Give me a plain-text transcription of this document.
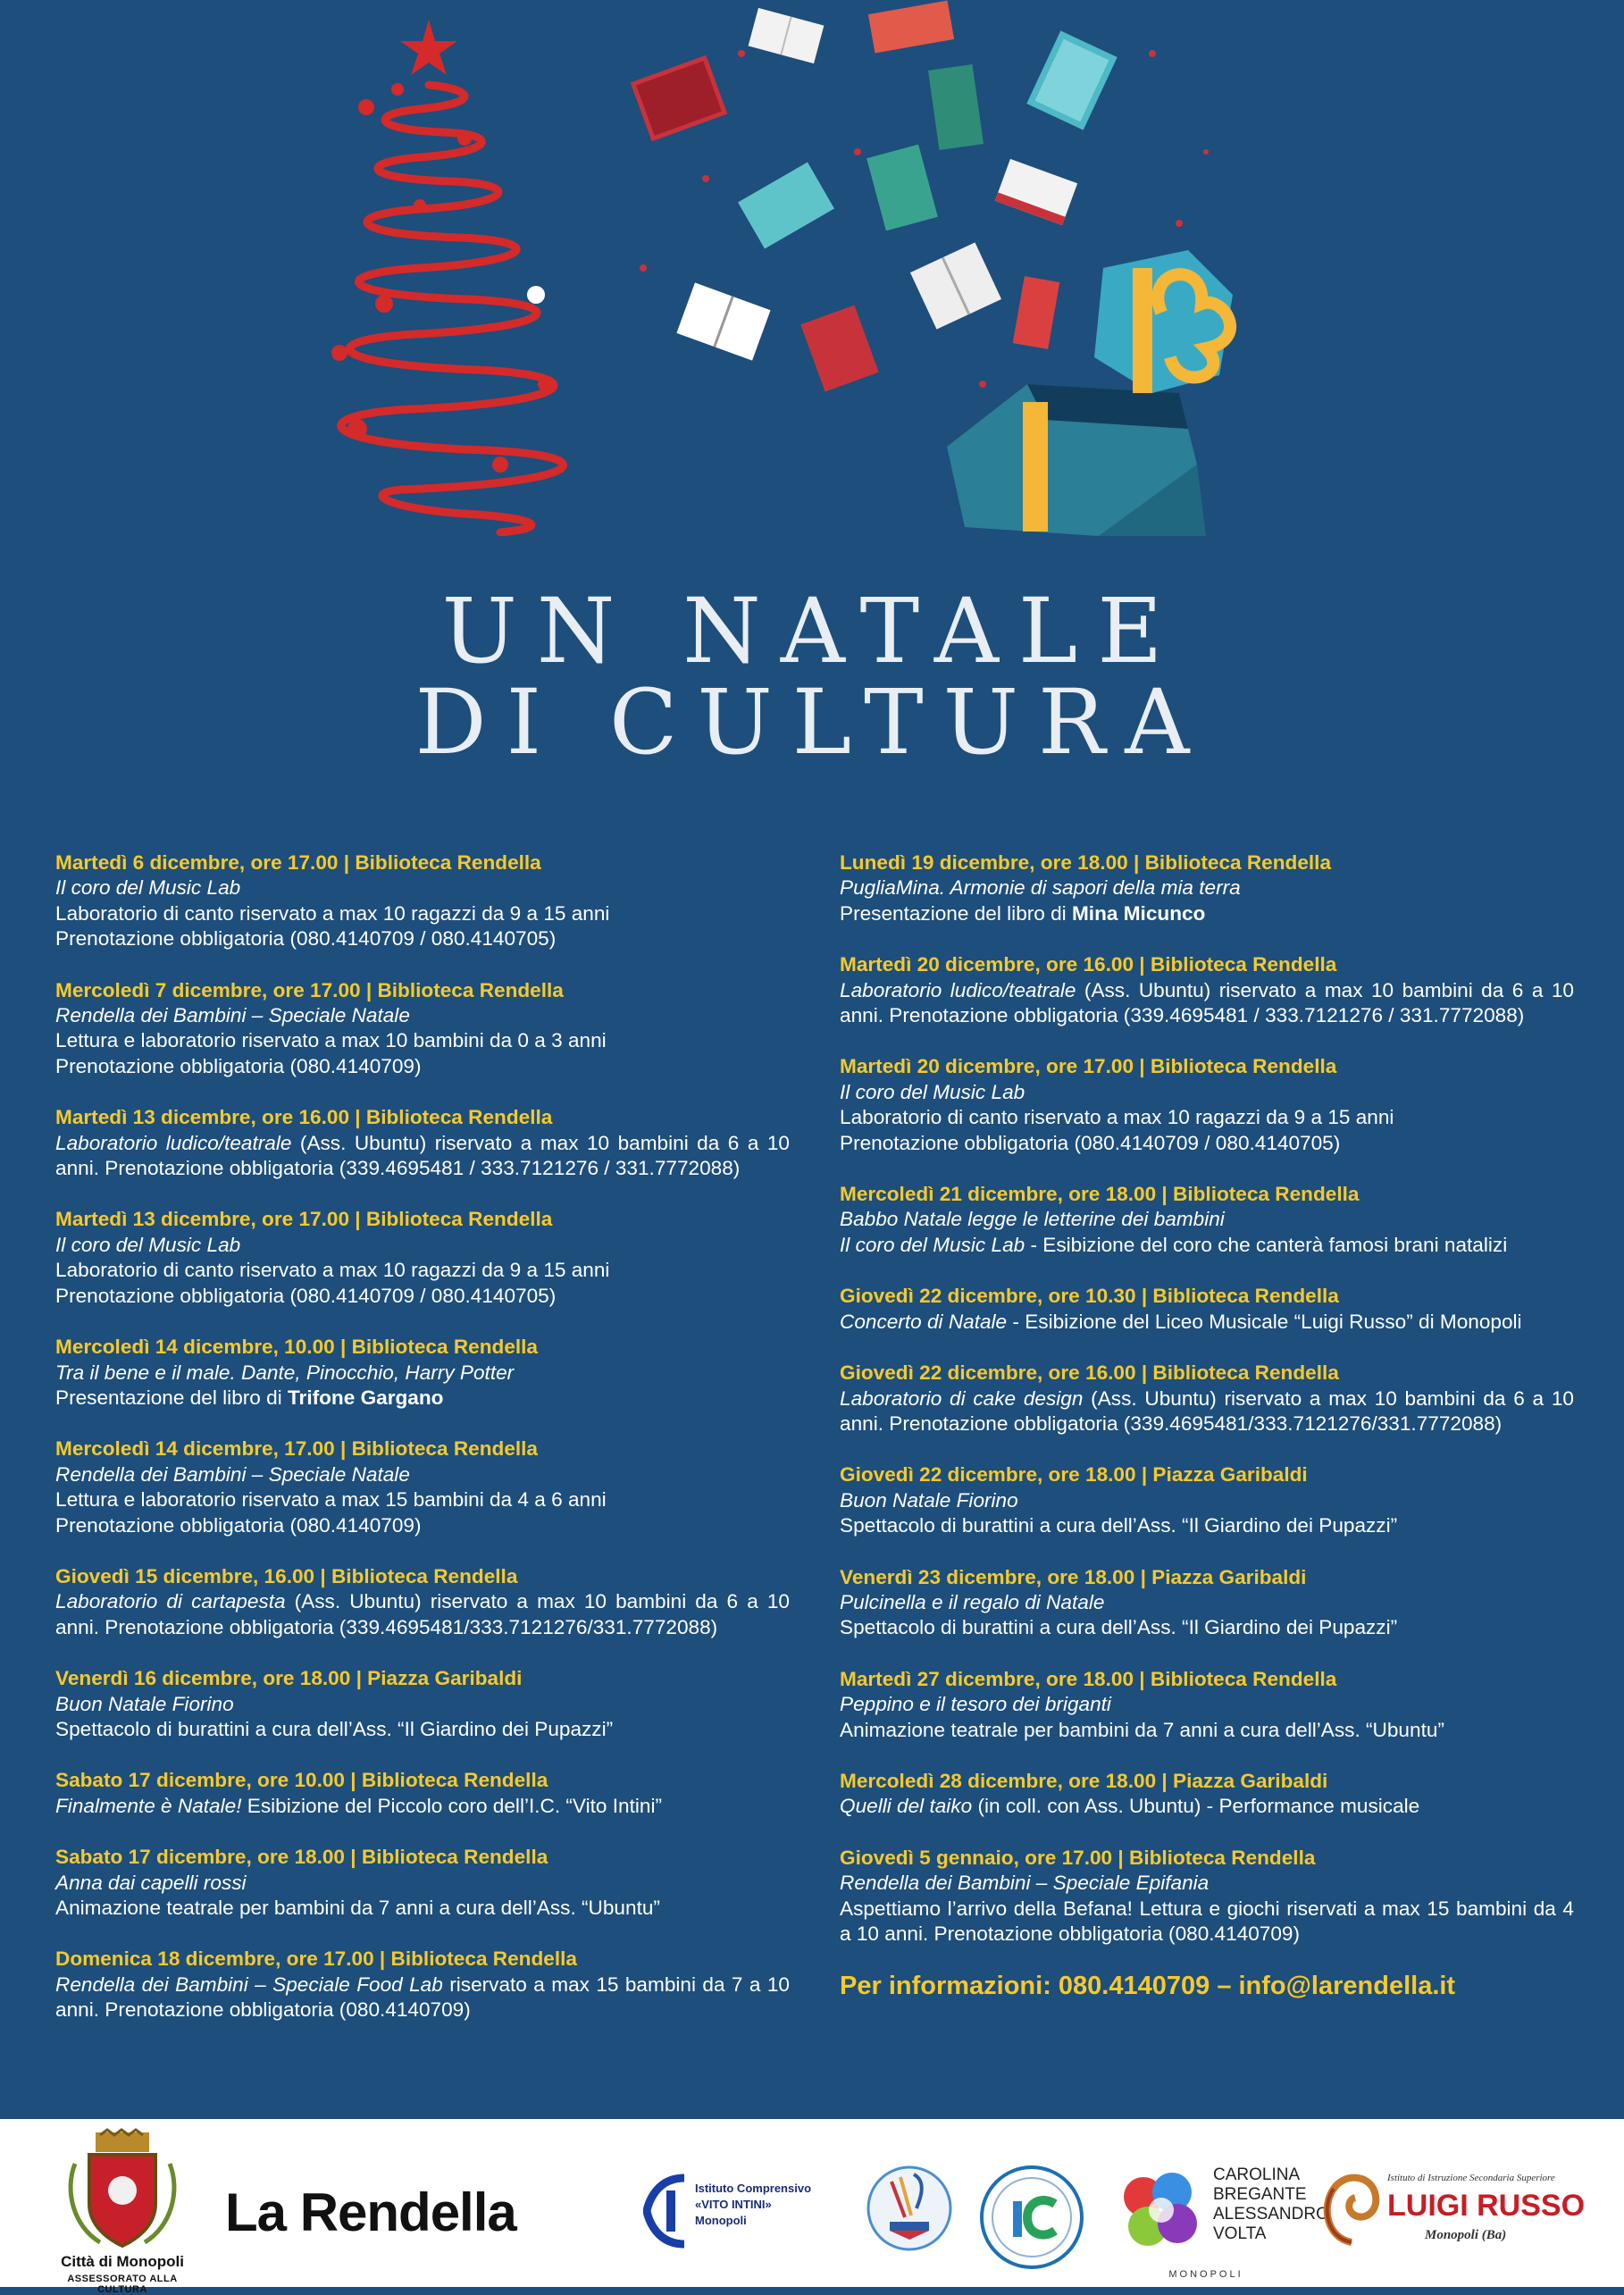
UN NATALE
DI CULTURA
Martedì 6 dicembre, ore 17.00 | Biblioteca Rendella
Il coro del Music Lab
Laboratorio di canto riservato a max 10 ragazzi da 9 a 15 anni
Prenotazione obbligatoria (080.4140709 / 080.4140705)
Mercoledì 7 dicembre, ore 17.00 | Biblioteca Rendella
Rendella dei Bambini – Speciale Natale
Lettura e laboratorio riservato a max 10 bambini da 0 a 3 anni
Prenotazione obbligatoria (080.4140709)
Martedì 13 dicembre, ore 16.00 | Biblioteca Rendella
Laboratorio ludico/teatrale (Ass. Ubuntu) riservato a max 10 bambini da 6 a 10 anni. Prenotazione obbligatoria (339.4695481 / 333.7121276 / 331.7772088)
Martedì 13 dicembre, ore 17.00 | Biblioteca Rendella
Il coro del Music Lab
Laboratorio di canto riservato a max 10 ragazzi da 9 a 15 anni
Prenotazione obbligatoria (080.4140709 / 080.4140705)
Mercoledì 14 dicembre, 10.00 | Biblioteca Rendella
Tra il bene e il male. Dante, Pinocchio, Harry Potter
Presentazione del libro di Trifone Gargano
Mercoledì 14 dicembre, 17.00 | Biblioteca Rendella
Rendella dei Bambini – Speciale Natale
Lettura e laboratorio riservato a max 15 bambini da 4 a 6 anni
Prenotazione obbligatoria (080.4140709)
Giovedì 15 dicembre, 16.00 | Biblioteca Rendella
Laboratorio di cartapesta (Ass. Ubuntu) riservato a max 10 bambini da 6 a 10 anni. Prenotazione obbligatoria (339.4695481/333.7121276/331.7772088)
Venerdì 16 dicembre, ore 18.00 | Piazza Garibaldi
Buon Natale Fiorino
Spettacolo di burattini a cura dell’Ass. “Il Giardino dei Pupazzi”
Sabato 17 dicembre, ore 10.00 | Biblioteca Rendella
Finalmente è Natale! Esibizione del Piccolo coro dell’I.C. “Vito Intini”
Sabato 17 dicembre, ore 18.00 | Biblioteca Rendella
Anna dai capelli rossi
Animazione teatrale per bambini da 7 anni a cura dell’Ass. “Ubuntu”
Domenica 18 dicembre, ore 17.00 | Biblioteca Rendella
Rendella dei Bambini – Speciale Food Lab riservato a max 15 bambini da 7 a 10 anni. Prenotazione obbligatoria (080.4140709)
Lunedì 19 dicembre, ore 18.00 | Biblioteca Rendella
PugliaMina. Armonie di sapori della mia terra
Presentazione del libro di Mina Micunco
Martedì 20 dicembre, ore 16.00 | Biblioteca Rendella
Laboratorio ludico/teatrale (Ass. Ubuntu) riservato a max 10 bambini da 6 a 10 anni. Prenotazione obbligatoria (339.4695481 / 333.7121276 / 331.7772088)
Martedì 20 dicembre, ore 17.00 | Biblioteca Rendella
Il coro del Music Lab
Laboratorio di canto riservato a max 10 ragazzi da 9 a 15 anni
Prenotazione obbligatoria (080.4140709 / 080.4140705)
Mercoledì 21 dicembre, ore 18.00 | Biblioteca Rendella
Babbo Natale legge le letterine dei bambini
Il coro del Music Lab - Esibizione del coro che canterà famosi brani natalizi
Giovedì 22 dicembre, ore 10.30 | Biblioteca Rendella
Concerto di Natale - Esibizione del Liceo Musicale “Luigi Russo” di Monopoli
Giovedì 22 dicembre, ore 16.00 | Biblioteca Rendella
Laboratorio di cake design (Ass. Ubuntu) riservato a max 10 bambini da 6 a 10 anni. Prenotazione obbligatoria (339.4695481/333.7121276/331.7772088)
Giovedì 22 dicembre, ore 18.00 | Piazza Garibaldi
Buon Natale Fiorino
Spettacolo di burattini a cura dell’Ass. “Il Giardino dei Pupazzi”
Venerdì 23 dicembre, ore 18.00 | Piazza Garibaldi
Pulcinella e il regalo di Natale
Spettacolo di burattini a cura dell’Ass. “Il Giardino dei Pupazzi”
Martedì 27 dicembre, ore 18.00 | Biblioteca Rendella
Peppino e il tesoro dei briganti
Animazione teatrale per bambini da 7 anni a cura dell’Ass. “Ubuntu”
Mercoledì 28 dicembre, ore 18.00 | Piazza Garibaldi
Quelli del taiko (in coll. con Ass. Ubuntu) - Performance musicale
Giovedì 5 gennaio, ore 17.00 | Biblioteca Rendella
Rendella dei Bambini – Speciale Epifania
Aspettiamo l’arrivo della Befana! Lettura e giochi riservati a max 15 bambini da 4 a 10 anni. Prenotazione obbligatoria (080.4140709)
Per informazioni: 080.4140709 – info@larendella.it
Città di Monopoli
ASSESSORATO ALLA CULTURA
La Rendella	Istituto Comprensivo
«VITO INTINI»
Monopoli
CAROLINA
BREGANTE
ALESSANDRO
VOLTA
MONOPOLI
Istituto di Istruzione Secondaria Superiore
LUIGI RUSSO
Monopoli (Ba)
